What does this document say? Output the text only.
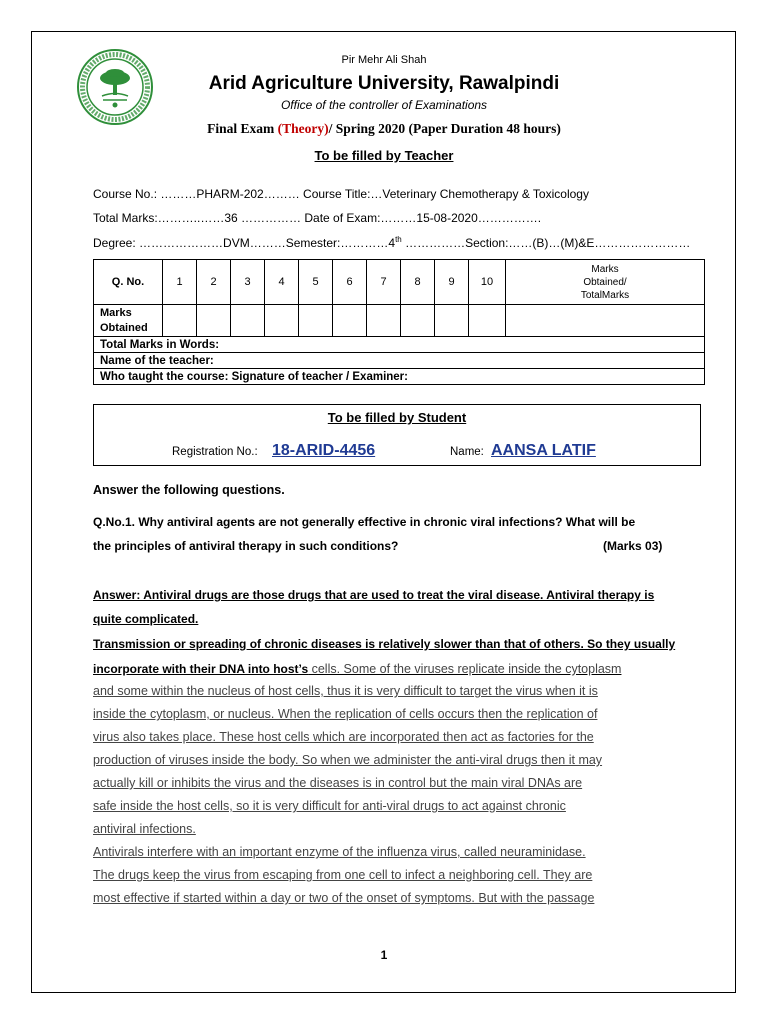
Pir Mehr Ali Shah
Arid Agriculture University, Rawalpindi
Office of the controller of Examinations
Final Exam (Theory)/ Spring 2020 (Paper Duration 48 hours)
To be filled by Teacher
Course No.: ………PHARM-202……… Course Title:…Veterinary Chemotherapy & Toxicology
Total Marks:………..……36 …………… Date of Exam:………15-08-2020…………….
Degree: …………………DVM………Semester:…………4th ……………Section:……(B)…(M)&E……………………
Q. No.	1	2	3	4	5	6	7	8	9	10	Marks
Obtained/
TotalMarks

Marks
Obtained											

Total Marks in Words:											
Name of the teacher:											
Who taught the course: Signature of teacher / Examiner:											
To be filled by Student
Registration No.: 18-ARID-4456	Name: AANSA LATIF
Answer the following questions.
Q.No.1. Why antiviral agents are not generally effective in chronic viral infections? What will be
the principles of antiviral therapy in such conditions?	(Marks 03)
Answer: Antiviral drugs are those drugs that are used to treat the viral disease. Antiviral therapy is
quite complicated.
Transmission or spreading of chronic diseases is relatively slower than that of others. So they usually
incorporate with their DNA into host’s cells. Some of the viruses replicate inside the cytoplasm
and some within the nucleus of host cells, thus it is very difficult to target the virus when it is
inside the cytoplasm, or nucleus. When the replication of cells occurs then the replication of
virus also takes place. These host cells which are incorporated then act as factories for the
production of viruses inside the body. So when we administer the anti-viral drugs then it may
actually kill or inhibits the virus and the diseases is in control but the main viral DNAs are
safe inside the host cells, so it is very difficult for anti-viral drugs to act against chronic
antiviral infections.
Antivirals interfere with an important enzyme of the influenza virus, called neuraminidase.
The drugs keep the virus from escaping from one cell to infect a neighboring cell. They are
most effective if started within a day or two of the onset of symptoms. But with the passage
1
